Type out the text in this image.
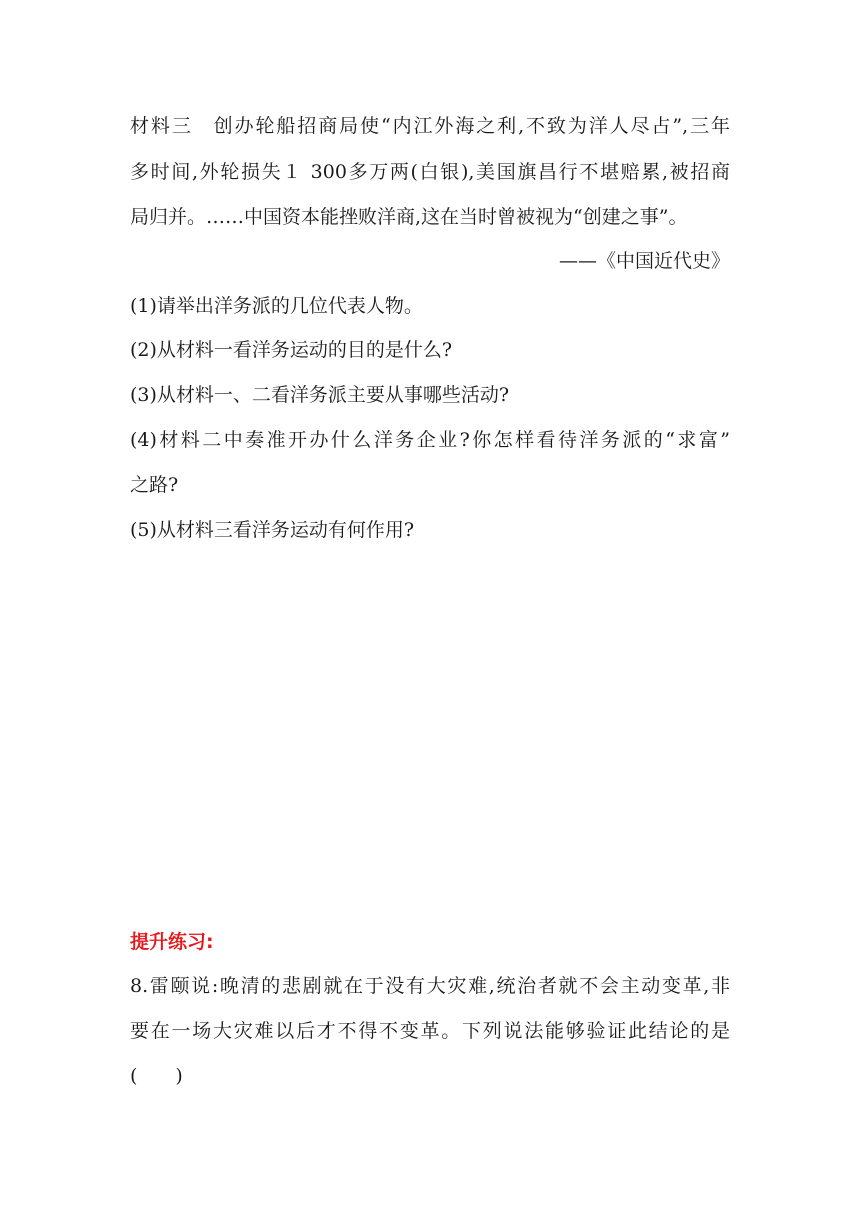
材料三　创办轮船招商局使“内江外海之利,不致为洋人尽占”,三年
多时间,外轮损失１ 300多万两(白银),美国旗昌行不堪赔累,被招商
局归并。……中国资本能挫败洋商,这在当时曾被视为“创建之事”。
——《中国近代史》
(1)请举出洋务派的几位代表人物。
(2)从材料一看洋务运动的目的是什么?
(3)从材料一、二看洋务派主要从事哪些活动?
(4)材料二中奏准开办什么洋务企业?你怎样看待洋务派的“求富”
之路?
(5)从材料三看洋务运动有何作用?
提升练习:
8.雷颐说:晚清的悲剧就在于没有大灾难,统治者就不会主动变革,非
要在一场大灾难以后才不得不变革。下列说法能够验证此结论的是
(　　)
